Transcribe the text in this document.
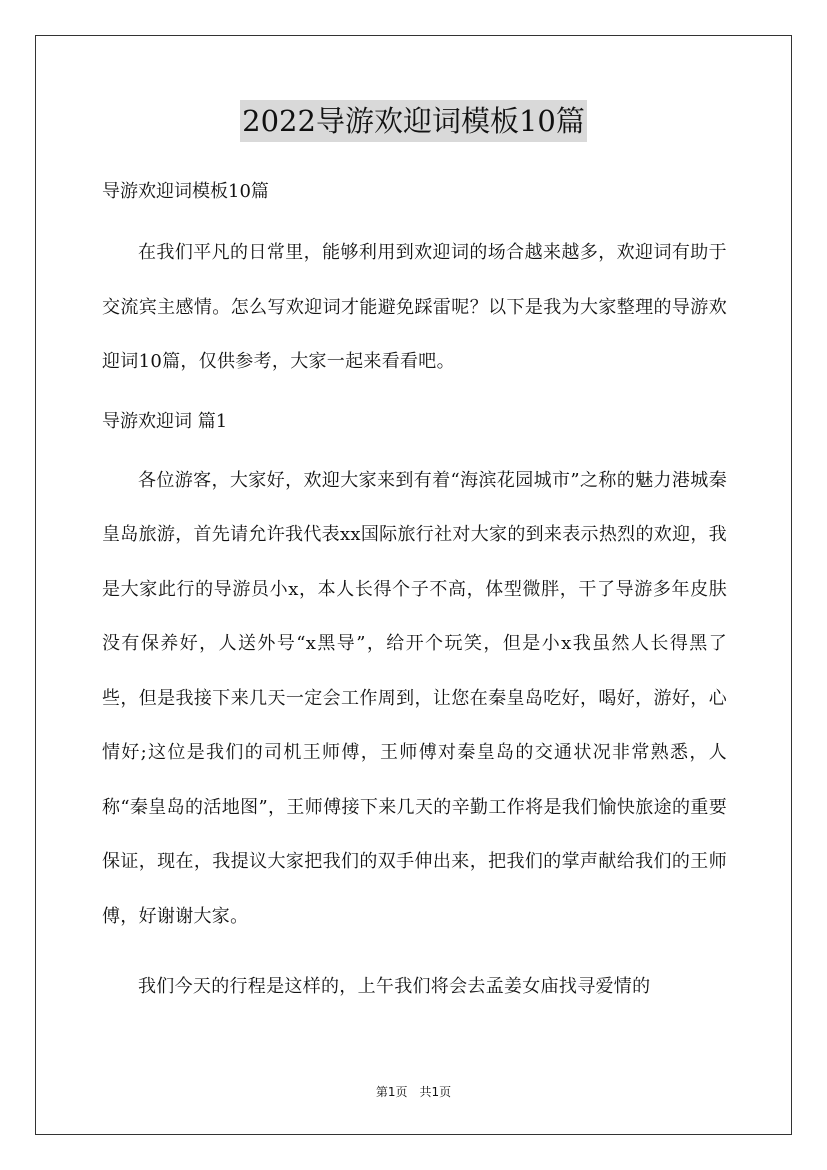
2022导游欢迎词模板10篇

导游欢迎词模板10篇

在我们平凡的日常里，能够利用到欢迎词的场合越来越多，欢迎词有助于交流宾主感情。怎么写欢迎词才能避免踩雷呢？以下是我为大家整理的导游欢迎词10篇，仅供参考，大家一起来看看吧。

导游欢迎词 篇1

各位游客，大家好，欢迎大家来到有着“海滨花园城市”之称的魅力港城秦皇岛旅游，首先请允许我代表xx国际旅行社对大家的到来表示热烈的欢迎，我是大家此行的导游员小x，本人长得个子不高，体型微胖，干了导游多年皮肤没有保养好，人送外号“x黑导”，给开个玩笑，但是小x我虽然人长得黑了些，但是我接下来几天一定会工作周到，让您在秦皇岛吃好，喝好，游好，心情好;这位是我们的司机王师傅，王师傅对秦皇岛的交通状况非常熟悉，人称“秦皇岛的活地图”，王师傅接下来几天的辛勤工作将是我们愉快旅途的重要保证，现在，我提议大家把我们的双手伸出来，把我们的掌声献给我们的王师傅，好谢谢大家。

我们今天的行程是这样的，上午我们将会去孟姜女庙找寻爱情的

第1页 共1页
